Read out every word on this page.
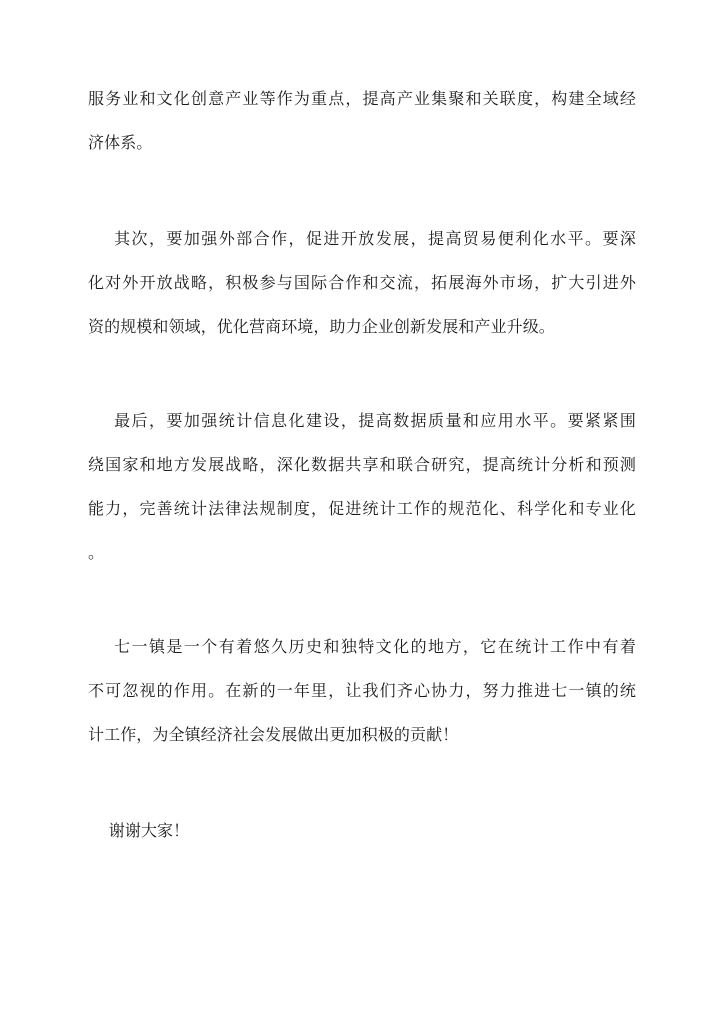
服务业和文化创意产业等作为重点，提高产业集聚和关联度，构建全域经
济体系。
其次，要加强外部合作，促进开放发展，提高贸易便利化水平。要深
化对外开放战略，积极参与国际合作和交流，拓展海外市场，扩大引进外
资的规模和领域，优化营商环境，助力企业创新发展和产业升级。
最后，要加强统计信息化建设，提高数据质量和应用水平。要紧紧围
绕国家和地方发展战略，深化数据共享和联合研究，提高统计分析和预测
能力，完善统计法律法规制度，促进统计工作的规范化、科学化和专业化
。
七一镇是一个有着悠久历史和独特文化的地方，它在统计工作中有着
不可忽视的作用。在新的一年里，让我们齐心协力，努力推进七一镇的统
计工作，为全镇经济社会发展做出更加积极的贡献！
谢谢大家！
